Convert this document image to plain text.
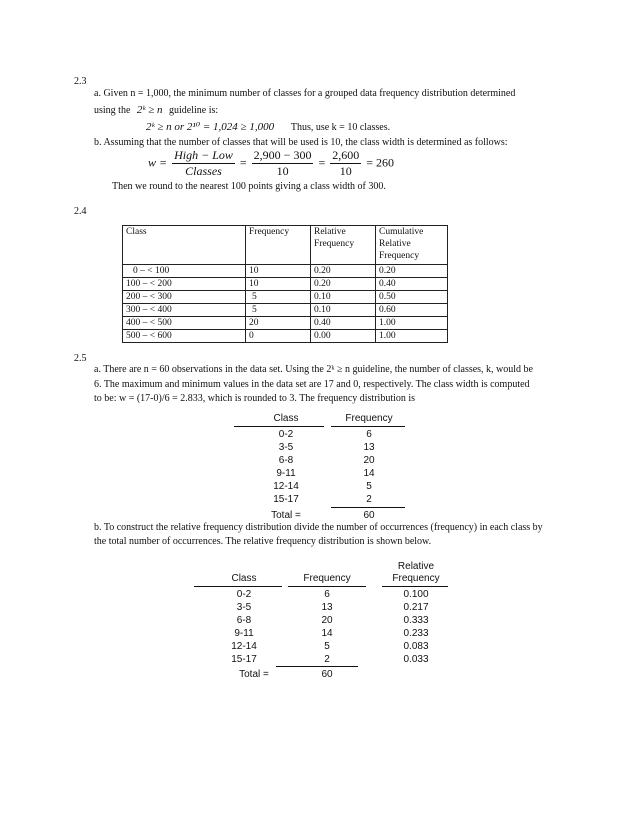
2.3
a. Given n = 1,000, the minimum number of classes for a grouped data frequency distribution determined
using the 2ᵏ ≥ n guideline is:
2ᵏ ≥ n or 2¹⁰ = 1,024 ≥ 1,000 Thus, use k = 10 classes.
b. Assuming that the number of classes that will be used is 10, the class width is determined as follows:
$w = \frac{\text{High − Low}}{\text{Classes}} = \frac{2,900 - 300}{10} = \frac{2,600}{10} = 260$
Then we round to the nearest 100 points giving a class width of 300.
2.4
Class	Frequency	Relative Frequency	Cumulative Relative Frequency
0 – < 100	10	0.20	0.20
100 – < 200	10	0.20	0.40
200 – < 300	5	0.10	0.50
300 – < 400	5	0.10	0.60
400 – < 500	20	0.40	1.00
500 – < 600	0	0.00	1.00
2.5
a. There are n = 60 observations in the data set. Using the 2ᵏ ≥ n guideline, the number of classes, k, would be
6. The maximum and minimum values in the data set are 17 and 0, respectively. The class width is computed
to be: w = (17-0)/6 = 2.833, which is rounded to 3. The frequency distribution is
Class	Frequency
0-2	6
3-5	13
6-8	20
9-11	14
12-14	5
15-17	2
Total =	60
b. To construct the relative frequency distribution divide the number of occurrences (frequency) in each class by
the total number of occurrences. The relative frequency distribution is shown below.
Relative
Class	Frequency	Frequency
0-2	6	0.100
3-5	13	0.217
6-8	20	0.333
9-11	14	0.233
12-14	5	0.083
15-17	2	0.033
Total =	60
